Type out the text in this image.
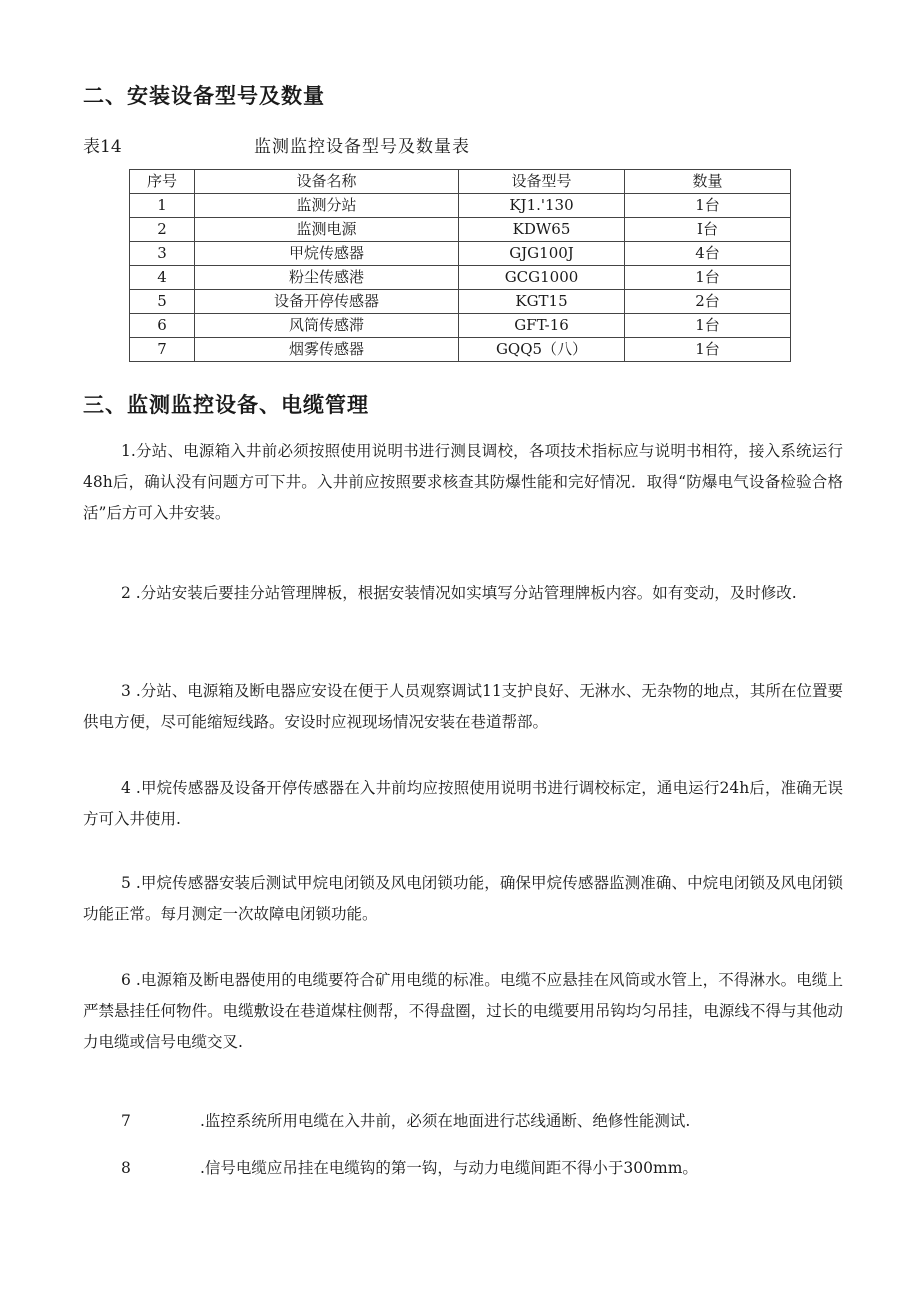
二、安装设备型号及数量
表14	监测监控设备型号及数量表
序号	设备名称	设备型号	数量
1	监测分站	KJ1.'130	1台
2	监测电源	KDW65	I台
3	甲烷传感器	GJG100J	4台
4	粉尘传感港	GCG1000	1台
5	设备开停传感器	KGT15	2台
6	风筒传感滞	GFT-16	1台
7	烟雾传感器	GQQ5（八）	1台
三、监测监控设备、电缆管理

1.分站、电源箱入井前必须按照使用说明书进行测艮调校，各项技术指标应与说明书相符，接入系统运行48h后，确认没有问题方可下井。入井前应按照要求核查其防爆性能和完好情况．取得“防爆电气设备检验合格活”后方可入井安装。

2 .分站安装后要挂分站管理牌板，根据安装情况如实填写分站管理牌板内容。如有变动，及时修改.

3 .分站、电源箱及断电器应安设在便于人员观察调试11支护良好、无淋水、无杂物的地点，其所在位置要供电方便，尽可能缩短线路。安设时应视现场情况安装在巷道帮部。

4 .甲烷传感器及设备开停传感器在入井前均应按照使用说明书进行调校标定，通电运行24h后，准确无误方可入井使用.

5 .甲烷传感器安装后测试甲烷电闭锁及风电闭锁功能，确保甲烷传感器监测准确、中烷电闭锁及风电闭锁功能正常。每月测定一次故障电闭锁功能。

6 .电源箱及断电器使用的电缆要符合矿用电缆的标准。电缆不应悬挂在风筒或水管上，不得淋水。电缆上严禁悬挂任何物件。电缆敷设在巷道煤柱侧帮，不得盘圈，过长的电缆要用吊钩均匀吊挂，电源线不得与其他动力电缆或信号电缆交叉.

7	.监控系统所用电缆在入井前，必须在地面进行芯线通断、绝修性能测试.

8	.信号电缆应吊挂在电缆钩的第一钩，与动力电缆间距不得小于300mm。
